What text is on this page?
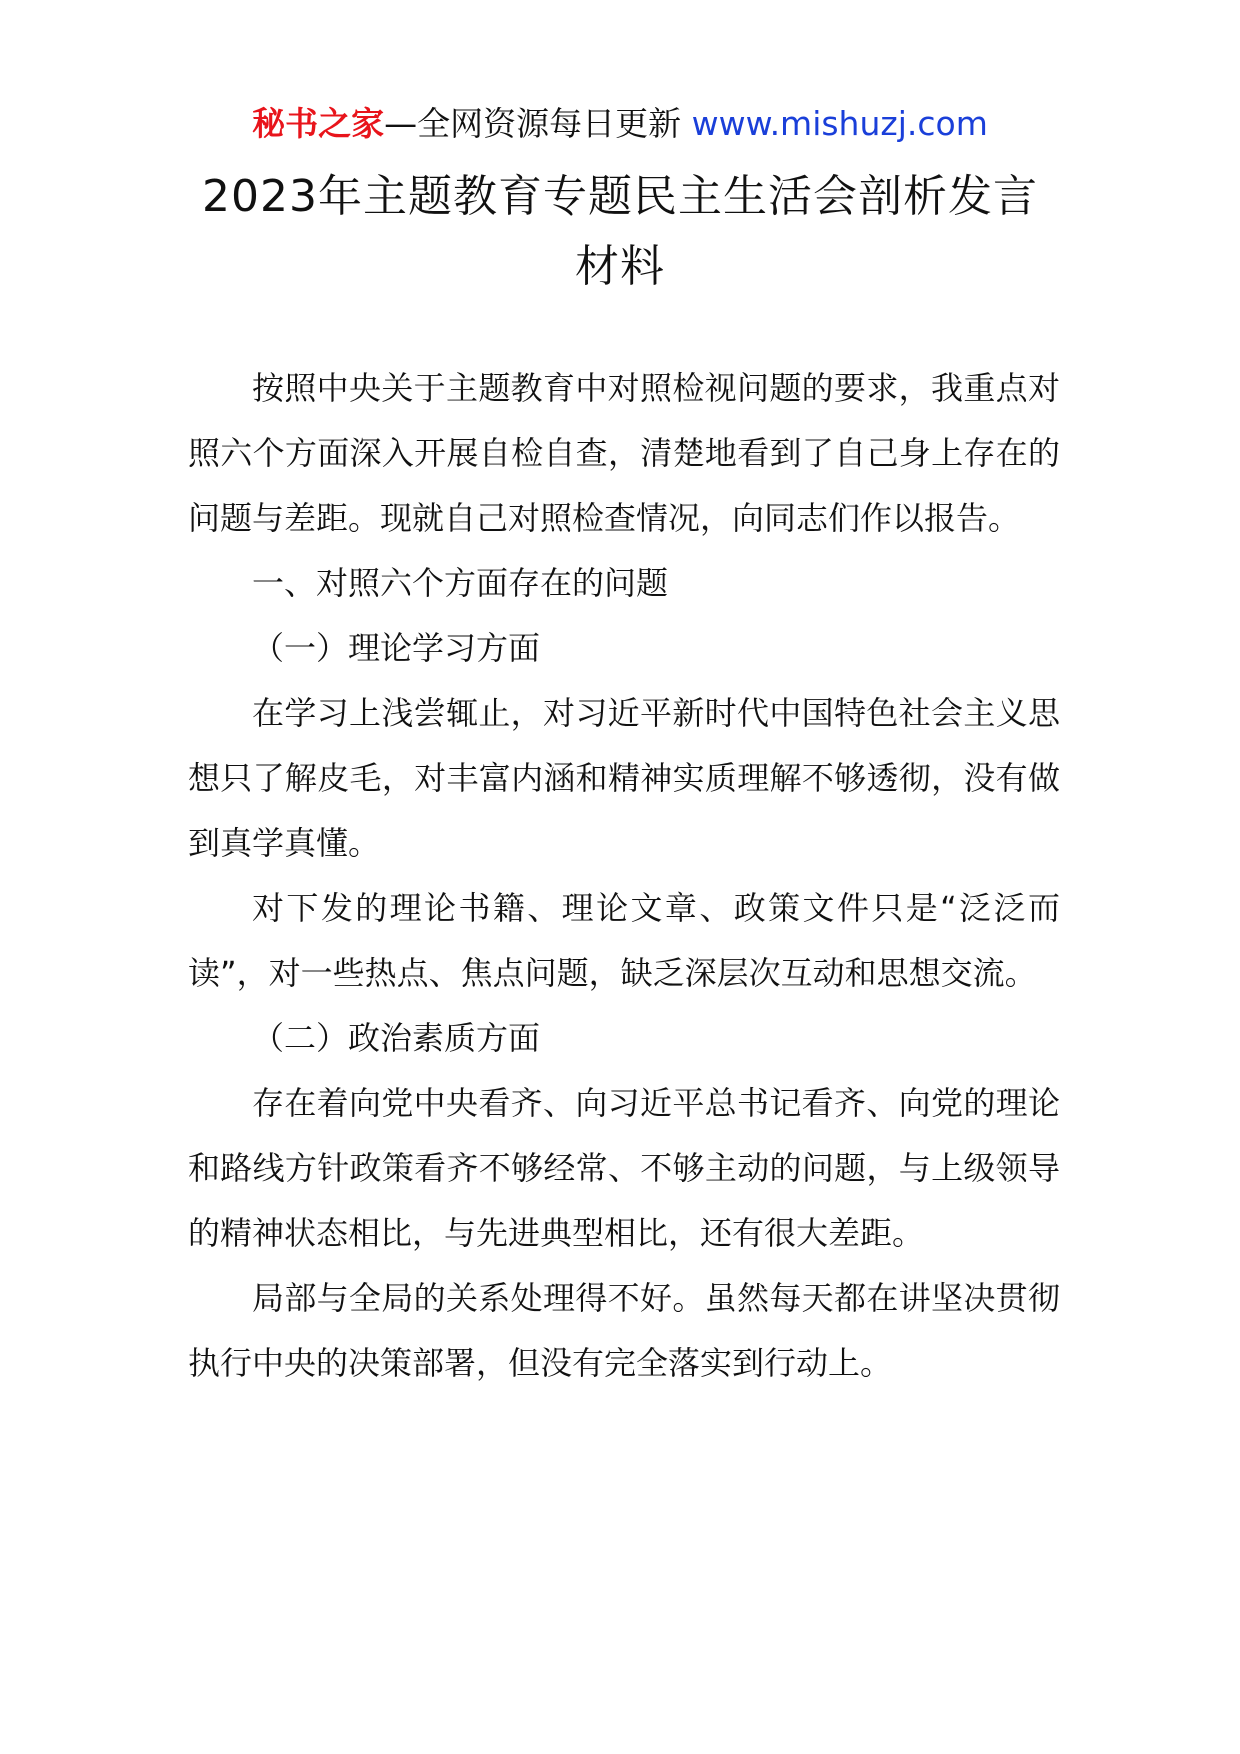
秘书之家—全网资源每日更新 www.mishuzj.com
2023年主题教育专题民主生活会剖析发言材料

按照中央关于主题教育中对照检视问题的要求，我重点对照六个方面深入开展自检自查，清楚地看到了自己身上存在的问题与差距。现就自己对照检查情况，向同志们作以报告。

一、对照六个方面存在的问题

（一）理论学习方面

在学习上浅尝辄止，对习近平新时代中国特色社会主义思想只了解皮毛，对丰富内涵和精神实质理解不够透彻，没有做到真学真懂。

对下发的理论书籍、理论文章、政策文件只是“泛泛而读”，对一些热点、焦点问题，缺乏深层次互动和思想交流。

（二）政治素质方面

存在着向党中央看齐、向习近平总书记看齐、向党的理论和路线方针政策看齐不够经常、不够主动的问题，与上级领导的精神状态相比，与先进典型相比，还有很大差距。

局部与全局的关系处理得不好。虽然每天都在讲坚决贯彻执行中央的决策部署，但没有完全落实到行动上。
